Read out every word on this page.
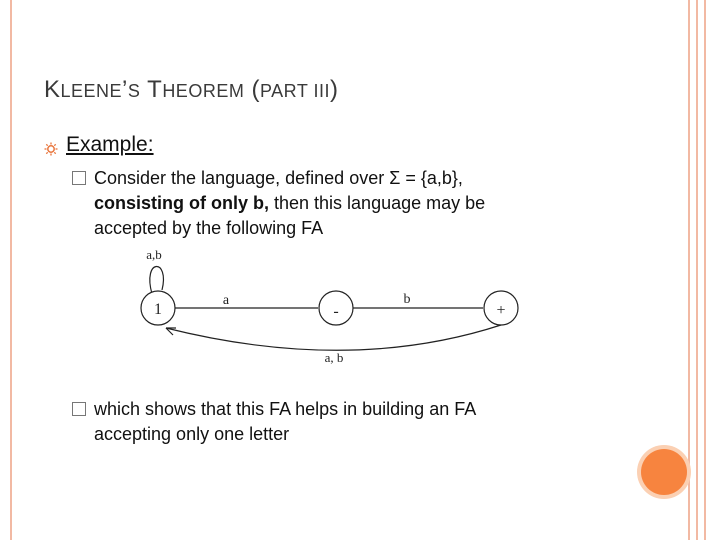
KLEENE’S THEOREM (PART III)
Example:
Consider the language, defined over Σ = {a,b},
consisting of only b, then this language may be
accepted by the following FA
a,b
1
a
-
b
+
a, b
which shows that this FA helps in building an FA
accepting only one letter
